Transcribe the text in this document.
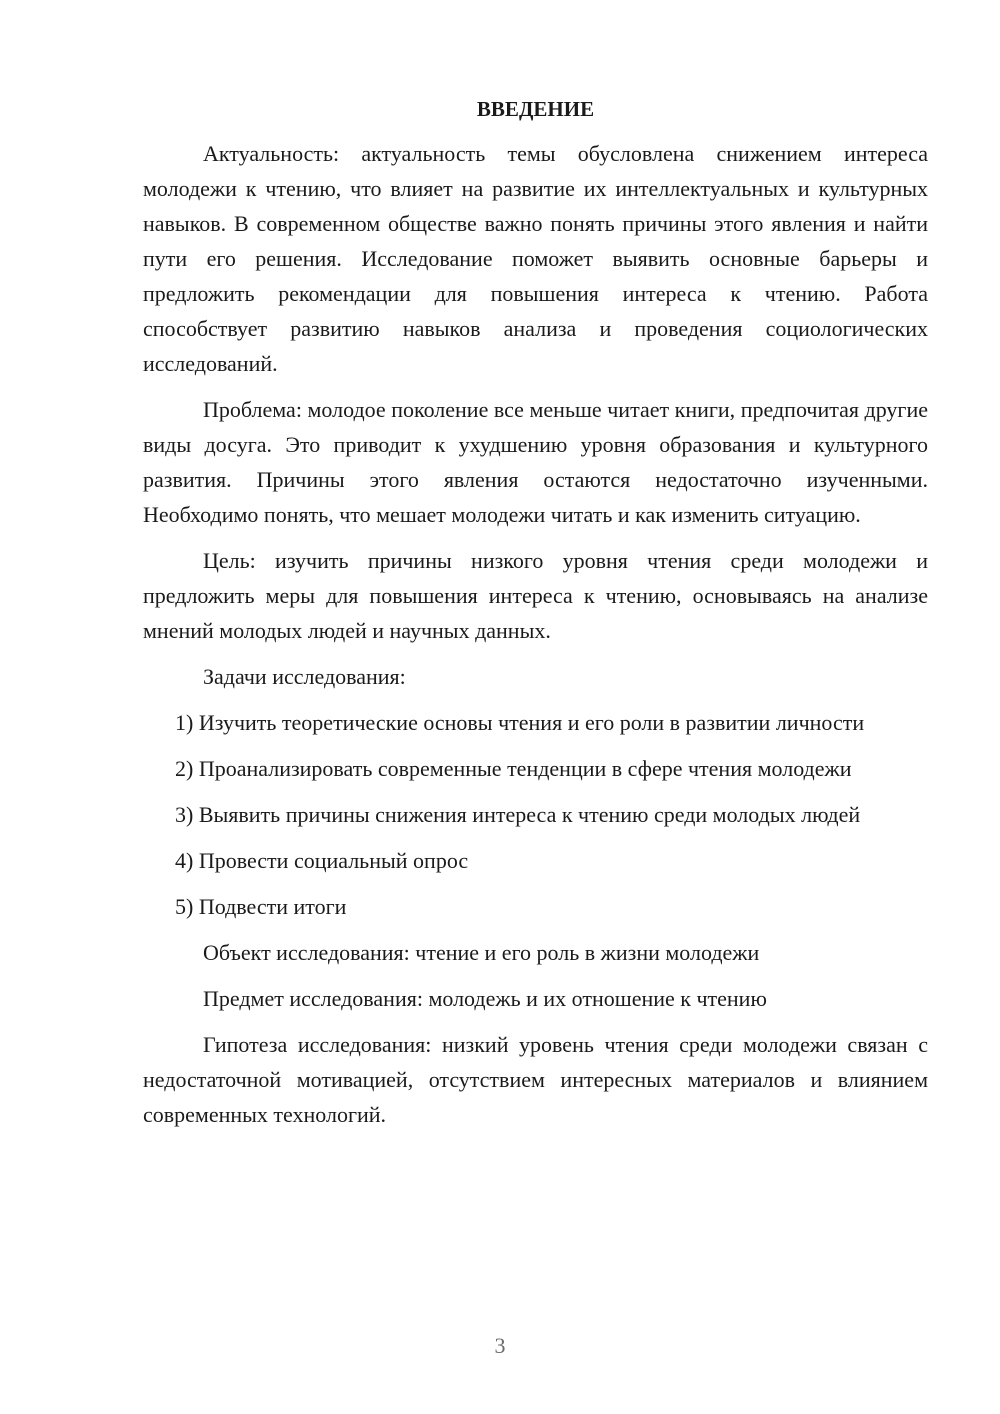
ВВЕДЕНИЕ

Актуальность: актуальность темы обусловлена снижением интереса молодежи к чтению, что влияет на развитие их интеллектуальных и культурных навыков. В современном обществе важно понять причины этого явления и найти пути его решения. Исследование поможет выявить основные барьеры и предложить рекомендации для повышения интереса к чтению. Работа способствует развитию навыков анализа и проведения социологических исследований.

Проблема: молодое поколение все меньше читает книги, предпочитая другие виды досуга. Это приводит к ухудшению уровня образования и культурного развития. Причины этого явления остаются недостаточно изученными. Необходимо понять, что мешает молодежи читать и как изменить ситуацию.

Цель: изучить причины низкого уровня чтения среди молодежи и предложить меры для повышения интереса к чтению, основываясь на анализе мнений молодых людей и научных данных.

Задачи исследования:

1) Изучить теоретические основы чтения и его роли в развитии личности

2) Проанализировать современные тенденции в сфере чтения молодежи

3) Выявить причины снижения интереса к чтению среди молодых людей

4) Провести социальный опрос

5) Подвести итоги

Объект исследования: чтение и его роль в жизни молодежи

Предмет исследования: молодежь и их отношение к чтению

Гипотеза исследования: низкий уровень чтения среди молодежи связан с недостаточной мотивацией, отсутствием интересных материалов и влиянием современных технологий.

3
